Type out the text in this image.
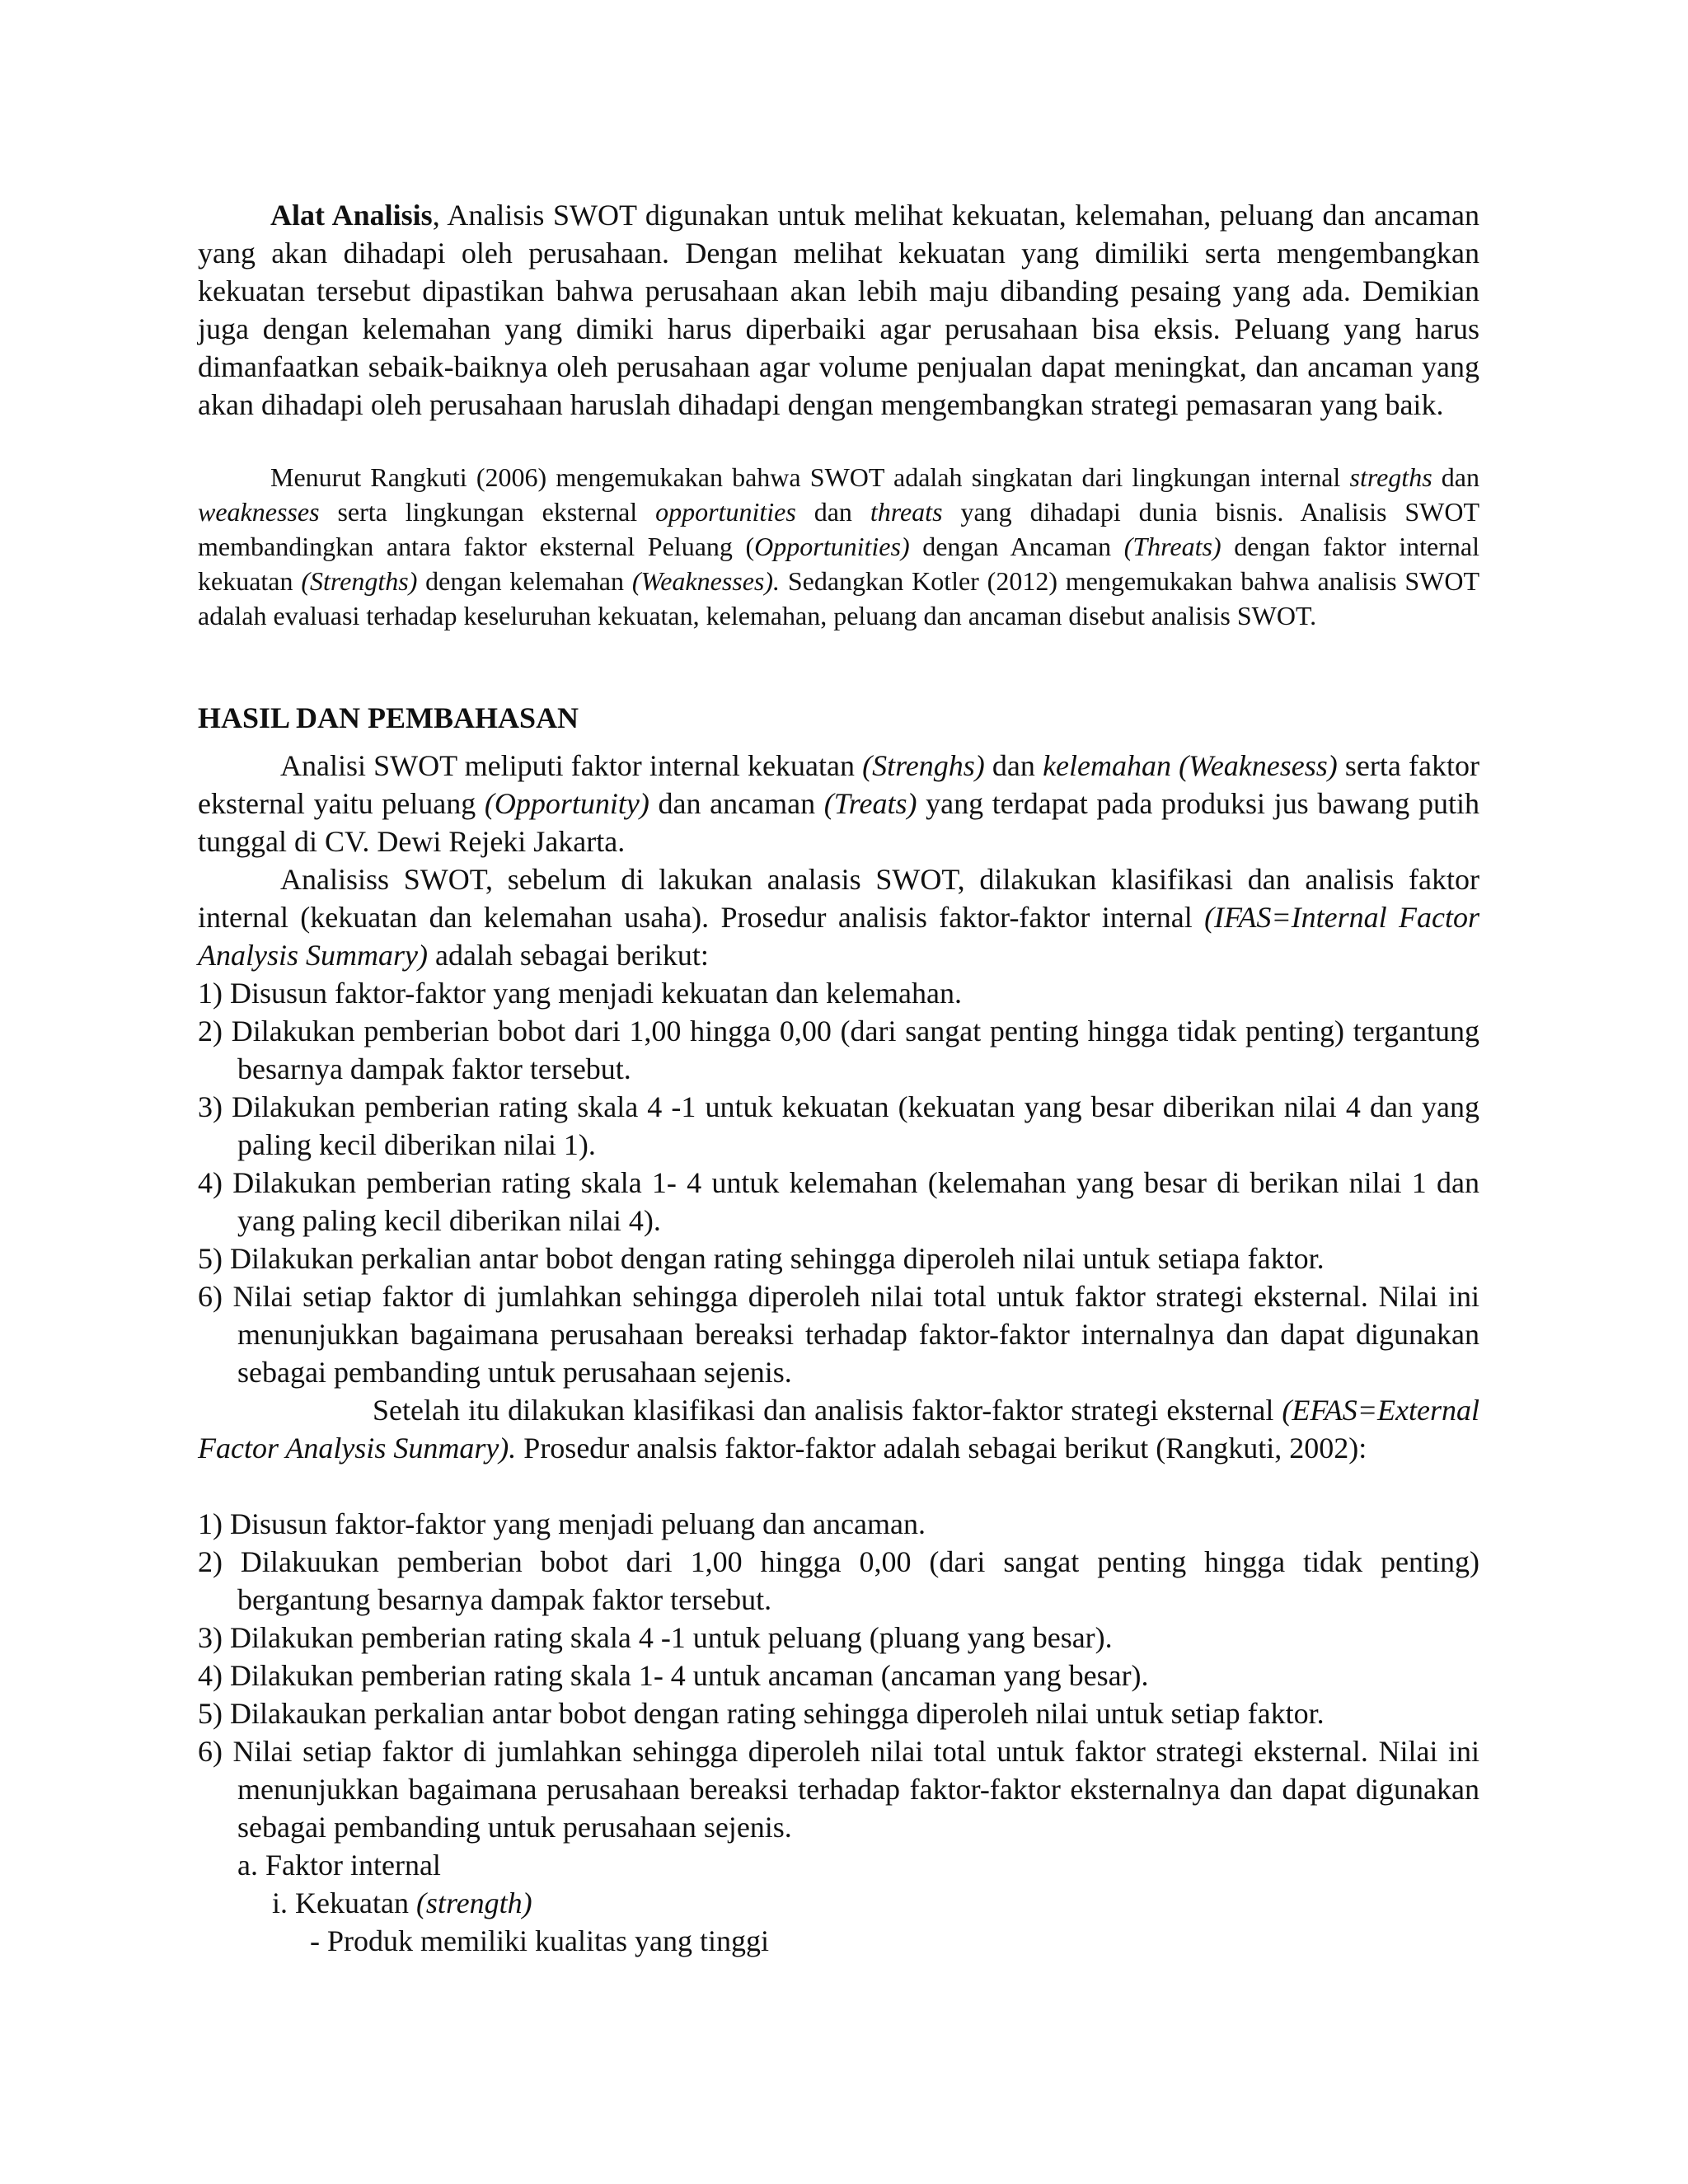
Alat Analisis, Analisis SWOT digunakan untuk melihat kekuatan, kelemahan, peluang dan ancaman yang akan dihadapi oleh perusahaan. Dengan melihat kekuatan yang dimiliki serta mengembangkan kekuatan tersebut dipastikan bahwa perusahaan akan lebih maju dibanding pesaing yang ada. Demikian juga dengan kelemahan yang dimiki harus diperbaiki agar perusahaan bisa eksis. Peluang yang harus dimanfaatkan sebaik-baiknya oleh perusahaan agar volume penjualan dapat meningkat, dan ancaman yang akan dihadapi oleh perusahaan haruslah dihadapi dengan mengembangkan strategi pemasaran yang baik.

Menurut Rangkuti (2006) mengemukakan bahwa SWOT adalah singkatan dari lingkungan internal stregths dan weaknesses serta lingkungan eksternal opportunities dan threats yang dihadapi dunia bisnis. Analisis SWOT membandingkan antara faktor eksternal Peluang (Opportunities) dengan Ancaman (Threats) dengan faktor internal kekuatan (Strengths) dengan kelemahan (Weaknesses). Sedangkan Kotler (2012) mengemukakan bahwa analisis SWOT adalah evaluasi terhadap keseluruhan kekuatan, kelemahan, peluang dan ancaman disebut analisis SWOT.

HASIL DAN PEMBAHASAN

Analisi SWOT meliputi faktor internal kekuatan (Strenghs) dan kelemahan (Weaknesess) serta faktor eksternal yaitu peluang (Opportunity) dan ancaman (Treats) yang terdapat pada produksi jus bawang putih tunggal di CV. Dewi Rejeki Jakarta.

Analisiss SWOT, sebelum di lakukan analasis SWOT, dilakukan klasifikasi dan analisis faktor internal (kekuatan dan kelemahan usaha). Prosedur analisis faktor-faktor internal (IFAS=Internal Factor Analysis Summary) adalah sebagai berikut:

1) Disusun faktor-faktor yang menjadi kekuatan dan kelemahan.
2) Dilakukan pemberian bobot dari 1,00 hingga 0,00 (dari sangat penting hingga tidak penting) tergantung besarnya dampak faktor tersebut.
3) Dilakukan pemberian rating skala 4 -1 untuk kekuatan (kekuatan yang besar diberikan nilai 4 dan yang paling kecil diberikan nilai 1).
4) Dilakukan pemberian rating skala 1- 4 untuk kelemahan (kelemahan yang besar di berikan nilai 1 dan yang paling kecil diberikan nilai 4).
5) Dilakukan perkalian antar bobot dengan rating sehingga diperoleh nilai untuk setiapa faktor.
6) Nilai setiap faktor di jumlahkan sehingga diperoleh nilai total untuk faktor strategi eksternal. Nilai ini menunjukkan bagaimana perusahaan bereaksi terhadap faktor-faktor internalnya dan dapat digunakan sebagai pembanding untuk perusahaan sejenis.

Setelah itu dilakukan klasifikasi dan analisis faktor-faktor strategi eksternal (EFAS=External Factor Analysis Sunmary). Prosedur analsis faktor-faktor adalah sebagai berikut (Rangkuti, 2002):

1) Disusun faktor-faktor yang menjadi peluang dan ancaman.
2) Dilakuukan pemberian bobot dari 1,00 hingga 0,00 (dari sangat penting hingga tidak penting) bergantung besarnya dampak faktor tersebut.
3) Dilakukan pemberian rating skala 4 -1 untuk peluang (pluang yang besar).
4) Dilakukan pemberian rating skala 1- 4 untuk ancaman (ancaman yang besar).
5) Dilakaukan perkalian antar bobot dengan rating sehingga diperoleh nilai untuk setiap faktor.
6) Nilai setiap faktor di jumlahkan sehingga diperoleh nilai total untuk faktor strategi eksternal. Nilai ini menunjukkan bagaimana perusahaan bereaksi terhadap faktor-faktor eksternalnya dan dapat digunakan sebagai pembanding untuk perusahaan sejenis.

a. Faktor internal

i. Kekuatan (strength)

- Produk memiliki kualitas yang tinggi
